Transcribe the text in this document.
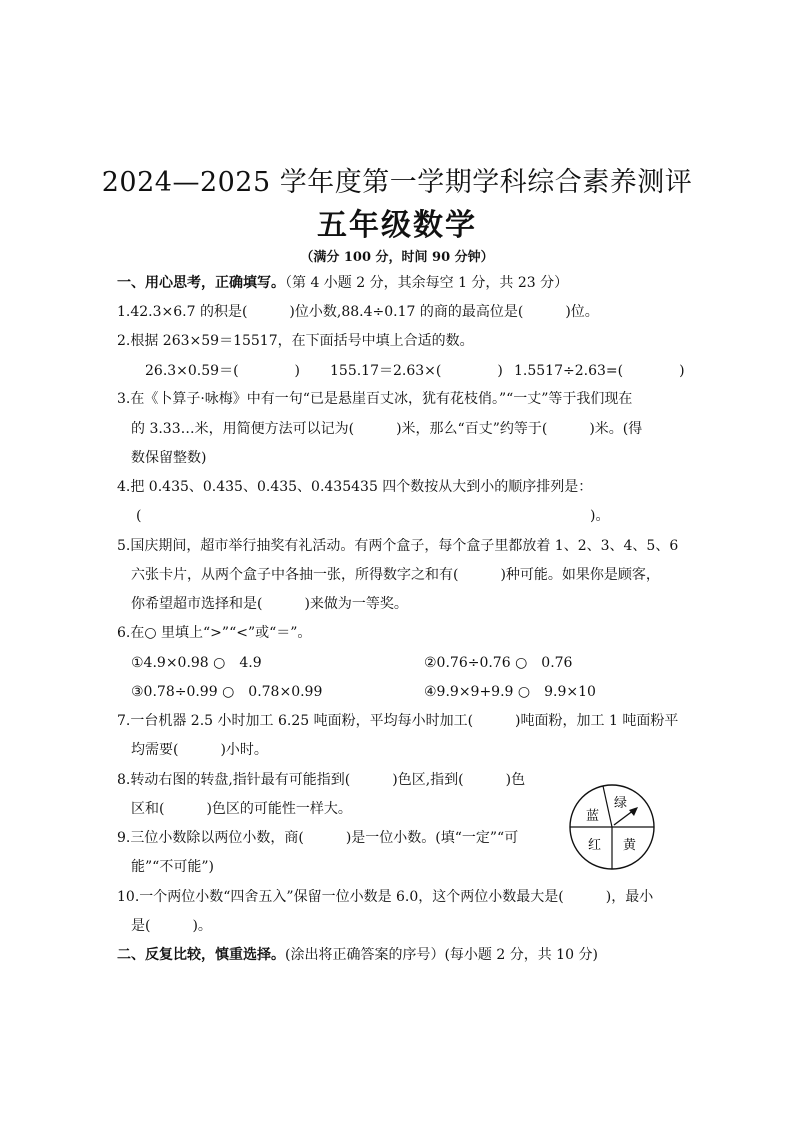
2024—2025 学年度第一学期学科综合素养测评
五年级数学
（满分 100 分，时间 90 分钟）
一、用心思考，正确填写。（第 4 小题 2 分，其余每空 1 分，共 23 分）
1.42.3×6.7 的积是(　　　)位小数,88.4÷0.17 的商的最高位是(　　　)位。
2.根据 263×59＝15517，在下面括号中填上合适的数。
26.3×0.59＝(　　　　) 155.17＝2.63×(　　　　) 1.5517÷2.63=(　　　　)
3.在《卜算子·咏梅》中有一句“已是悬崖百丈冰，犹有花枝俏。”“一丈”等于我们现在
的 3.33…米，用简便方法可以记为(　　　)米，那么“百丈”约等于(　　　)米。(得
数保留整数)
4.把 0.435̇、0.43̇5̇、0.4̇35̇、0.435435 四个数按从大到小的顺序排列是：
(	)。
5.国庆期间，超市举行抽奖有礼活动。有两个盒子，每个盒子里都放着 1、2、3、4、5、6
六张卡片，从两个盒子中各抽一张，所得数字之和有(　　　)种可能。如果你是顾客，
你希望超市选择和是(　　　)来做为一等奖。
6.在○ 里填上“>”“<”或“＝”。
①4.9×0.98 ○　4.9	②0.76÷0.76 ○　0.76
③0.78÷0.99 ○　0.78×0.99	④9.9×9+9.9 ○　9.9×10
7.一台机器 2.5 小时加工 6.25 吨面粉，平均每小时加工(　　　)吨面粉，加工 1 吨面粉平
均需要(　　　)小时。
8.转动右图的转盘,指针最有可能指到(　　　)色区,指到(　　　)色
区和(　　　)色区的可能性一样大。	蓝
绿
红 黄
9.三位小数除以两位小数，商(　　　)是一位小数。(填“一定”“可
能”“不可能”)
10.一个两位小数“四舍五入”保留一位小数是 6.0，这个两位小数最大是(　　　)，最小
是(　　　)。
二、反复比较，慎重选择。(涂出将正确答案的序号）(每小题 2 分，共 10 分)
